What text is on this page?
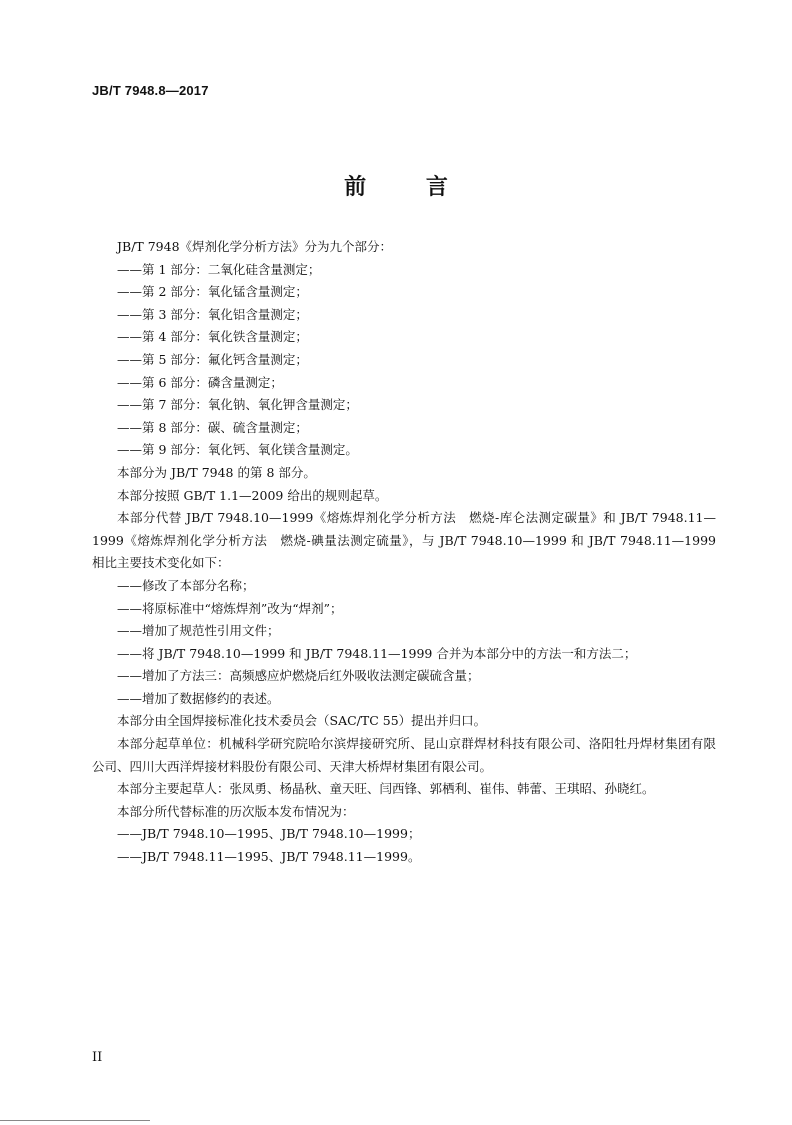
JB/T 7948.8—2017
前 言

JB/T 7948《焊剂化学分析方法》分为九个部分：

——第 1 部分：二氧化硅含量测定；

——第 2 部分：氧化锰含量测定；

——第 3 部分：氧化铝含量测定；

——第 4 部分：氧化铁含量测定；

——第 5 部分：氟化钙含量测定；

——第 6 部分：磷含量测定；

——第 7 部分：氧化钠、氧化钾含量测定；

——第 8 部分：碳、硫含量测定；

——第 9 部分：氧化钙、氧化镁含量测定。

本部分为 JB/T 7948 的第 8 部分。

本部分按照 GB/T 1.1—2009 给出的规则起草。

本部分代替 JB/T 7948.10—1999《熔炼焊剂化学分析方法　燃烧-库仑法测定碳量》和 JB/T 7948.11—1999《熔炼焊剂化学分析方法　燃烧-碘量法测定硫量》，与 JB/T 7948.10—1999 和 JB/T 7948.11—1999 相比主要技术变化如下：

——修改了本部分名称；

——将原标准中“熔炼焊剂”改为“焊剂”；

——增加了规范性引用文件；

——将 JB/T 7948.10—1999 和 JB/T 7948.11—1999 合并为本部分中的方法一和方法二；

——增加了方法三：高频感应炉燃烧后红外吸收法测定碳硫含量；

——增加了数据修约的表述。

本部分由全国焊接标准化技术委员会（SAC/TC 55）提出并归口。

本部分起草单位：机械科学研究院哈尔滨焊接研究所、昆山京群焊材科技有限公司、洛阳牡丹焊材集团有限公司、四川大西洋焊接材料股份有限公司、天津大桥焊材集团有限公司。

本部分主要起草人：张凤勇、杨晶秋、童天旺、闫西锋、郭栖利、崔伟、韩蕾、王琪昭、孙晓红。

本部分所代替标准的历次版本发布情况为：

——JB/T 7948.10—1995、JB/T 7948.10—1999；

——JB/T 7948.11—1995、JB/T 7948.11—1999。

II
